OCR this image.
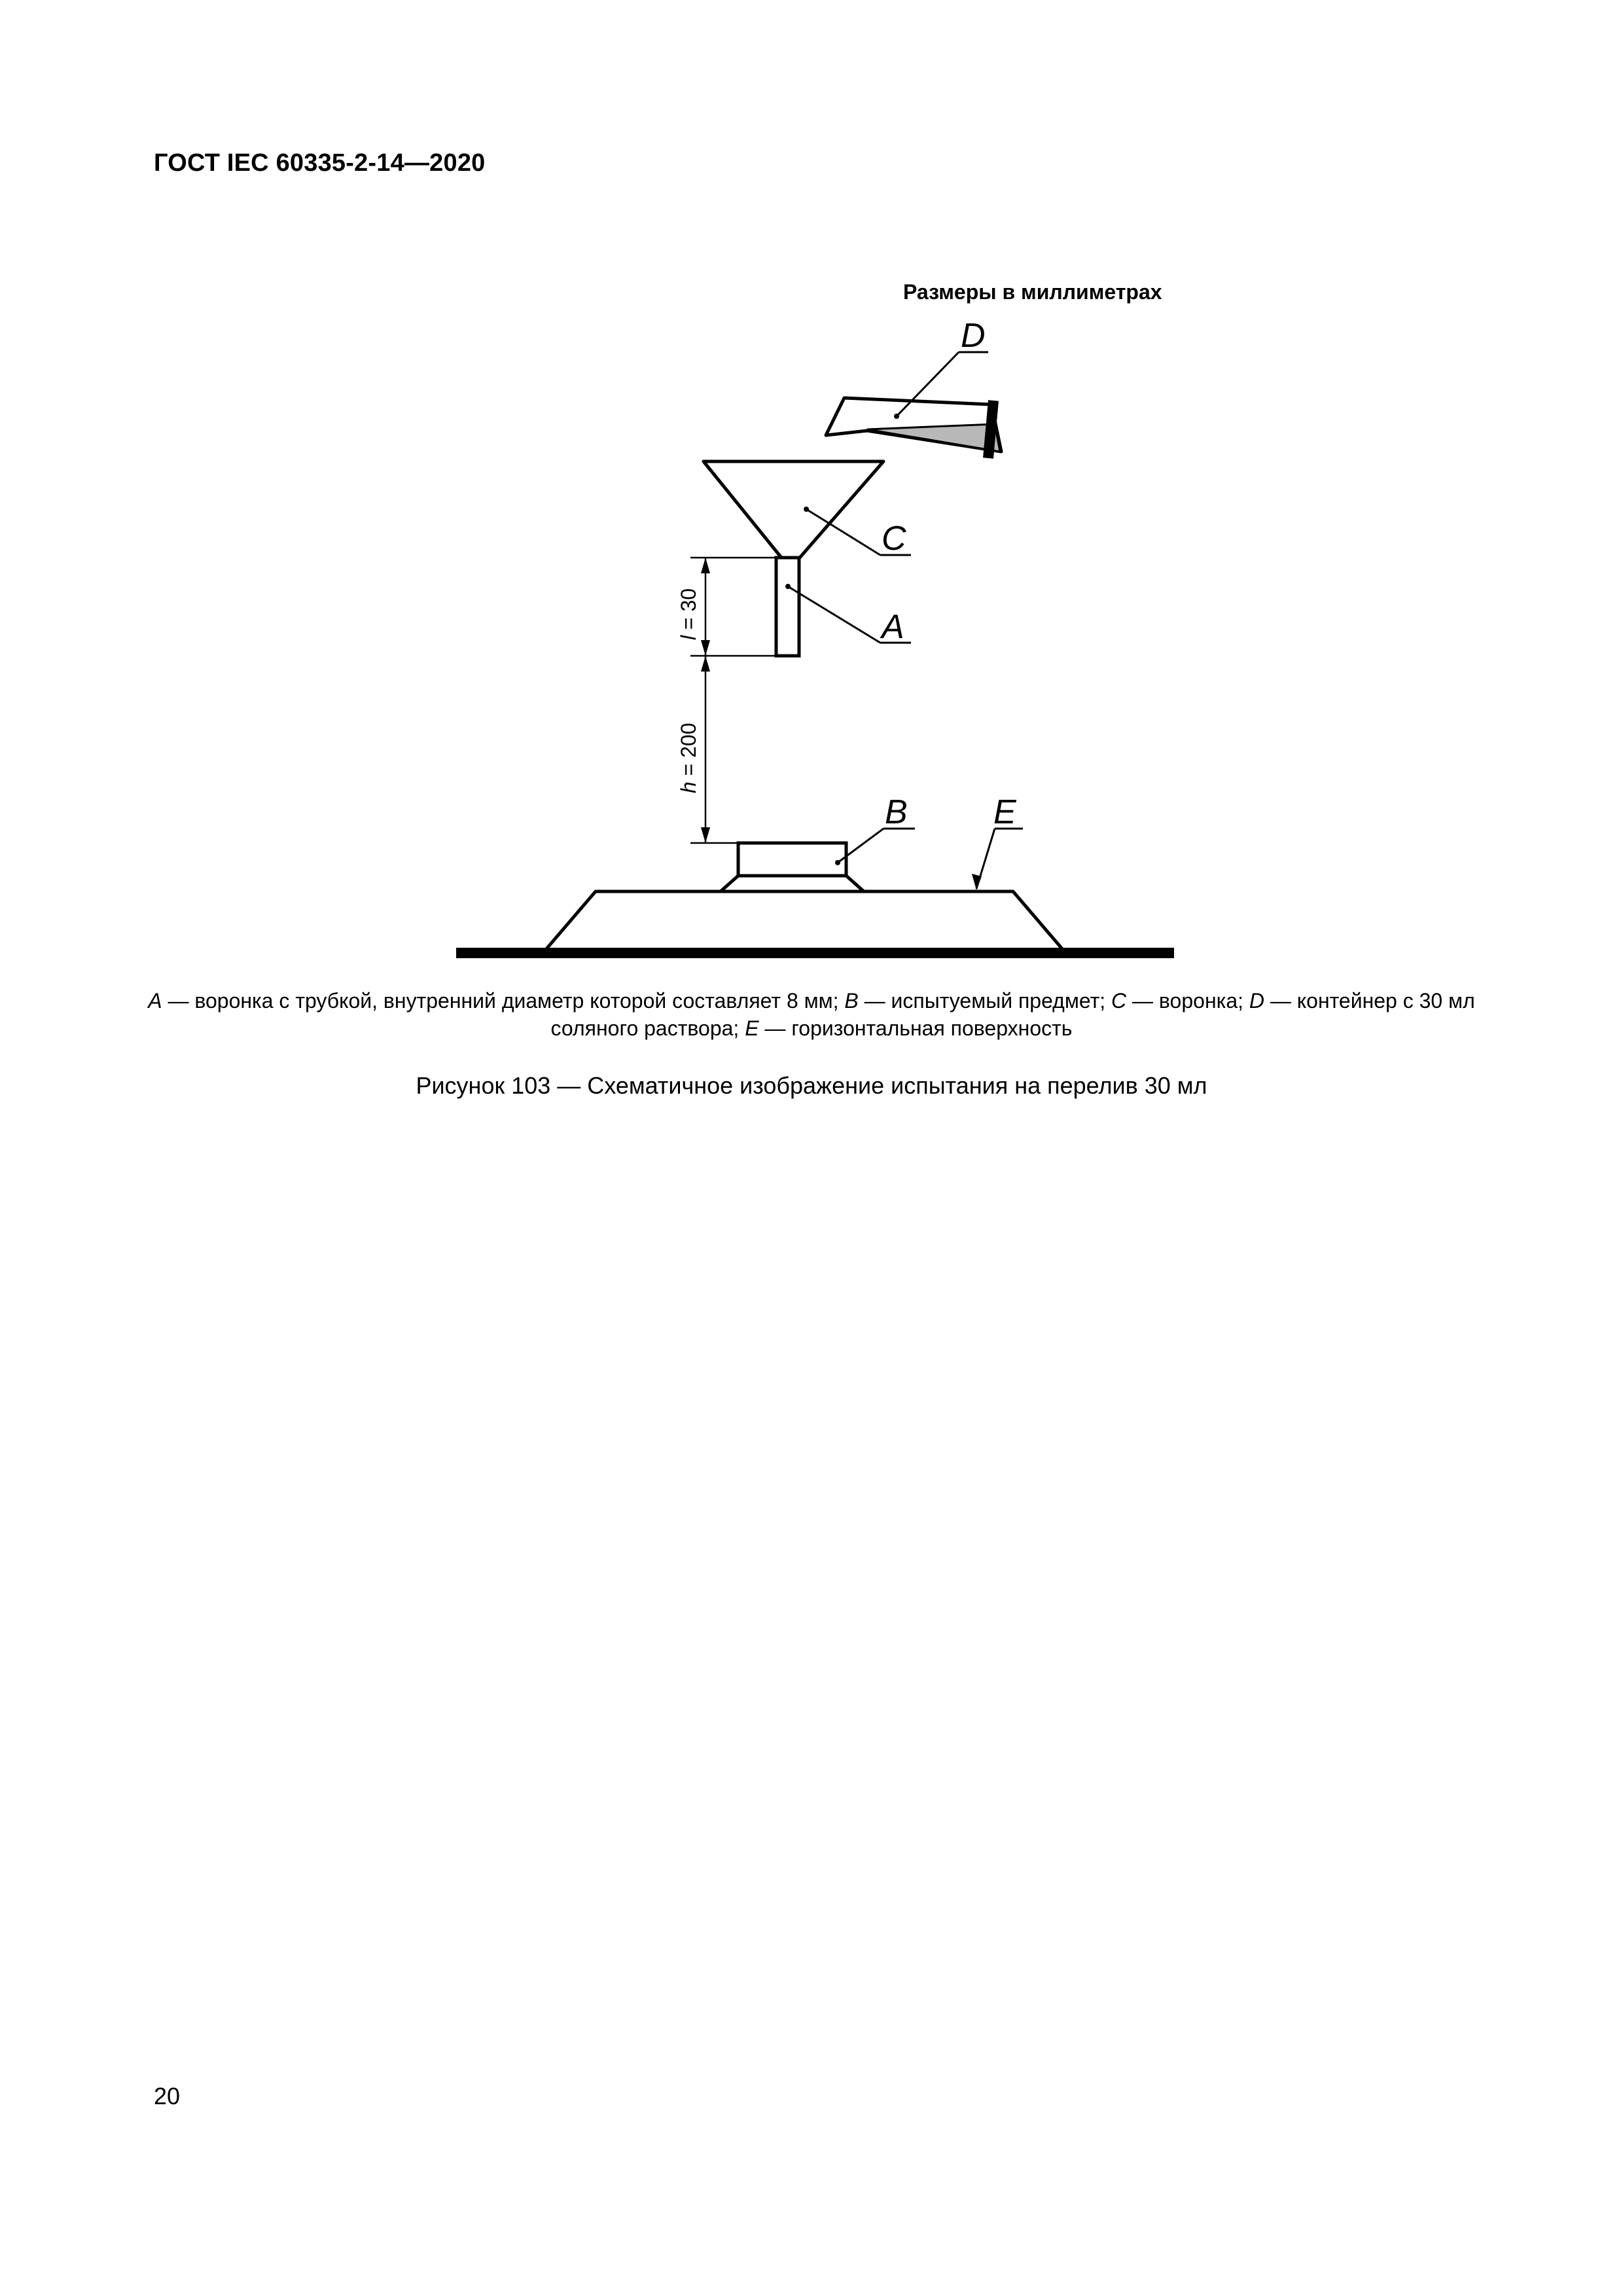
ГОСТ IEC 60335-2-14—2020
Размеры в миллиметрах
D
C
A
l = 30
h = 200
B	E
A — воронка с трубкой, внутренний диаметр которой составляет 8 мм; B — испытуемый предмет; C — воронка; D — контейнер с 30 мл соляного раствора; E — горизонтальная поверхность
Рисунок 103 — Схематичное изображение испытания на перелив 30 мл
20
